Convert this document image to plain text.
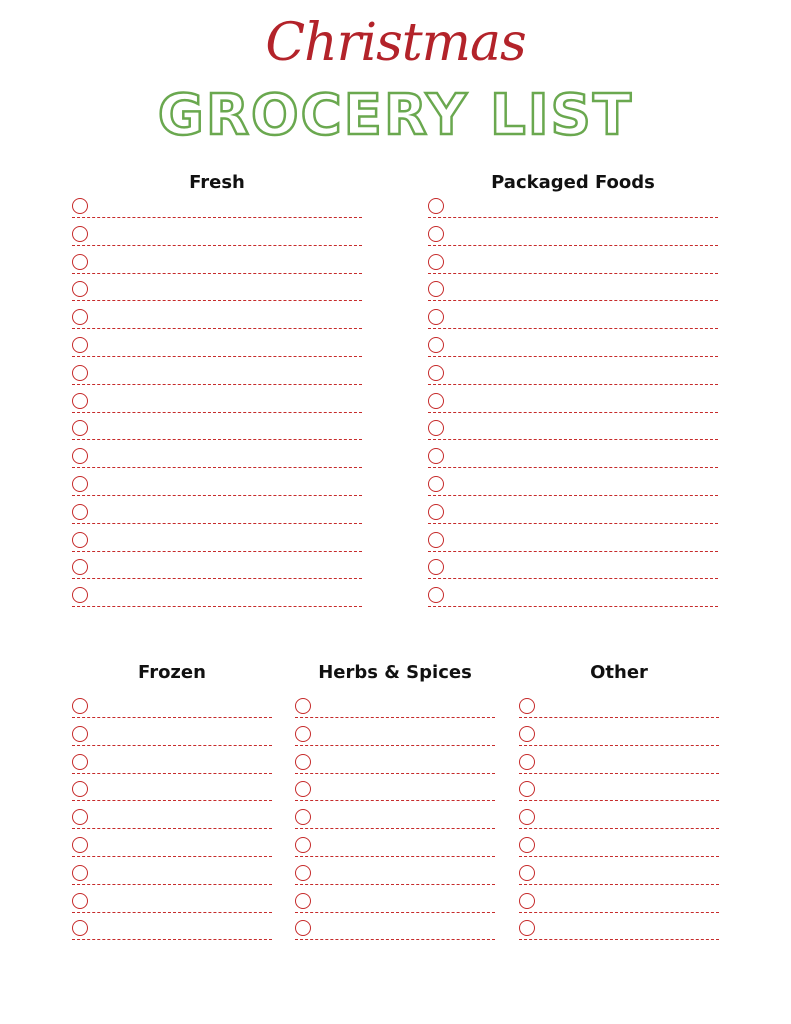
Christmas
GROCERY LIST
Fresh	Packaged Foods
Frozen	Herbs & Spices	Other
